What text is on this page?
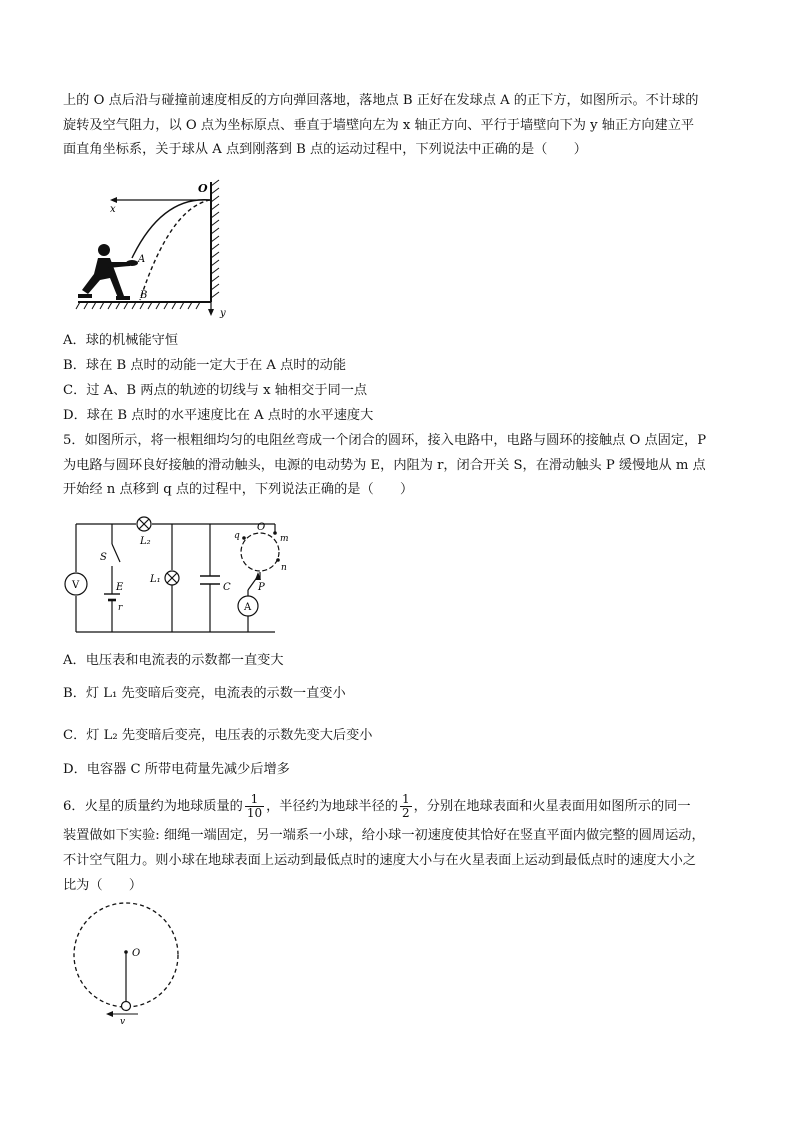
上的 O 点后沿与碰撞前速度相反的方向弹回落地，落地点 B 正好在发球点 A 的正下方，如图所示。不计球的
旋转及空气阻力，以 O 点为坐标原点、垂直于墙壁向左为 x 轴正方向、平行于墙壁向下为 y 轴正方向建立平
面直角坐标系，关于球从 A 点到刚落到 B 点的运动过程中，下列说法中正确的是（　　）
O
x
A
B
y
A．球的机械能守恒
B．球在 B 点时的动能一定大于在 A 点时的动能
C．过 A、B 两点的轨迹的切线与 x 轴相交于同一点
D．球在 B 点时的水平速度比在 A 点时的水平速度大
5．如图所示，将一根粗细均匀的电阻丝弯成一个闭合的圆环，接入电路中，电路与圆环的接触点 O 点固定，P
为电路与圆环良好接触的滑动触头，电源的电动势为 E，内阻为 r，闭合开关 S，在滑动触头 P 缓慢地从 m 点
开始经 n 点移到 q 点的过程中，下列说法正确的是（　　）
L₂
S
V	E
r
L₁
C
q
O
m
n
P
A
A．电压表和电流表的示数都一直变大
B．灯 L₁ 先变暗后变亮，电流表的示数一直变小
C．灯 L₂ 先变暗后变亮，电压表的示数先变大后变小
D．电容器 C 所带电荷量先减少后增多
6．火星的质量约为地球质量的 $\frac{1}{10}$ ，半径约为地球半径的 $\frac{1}{2}$ ，分别在地球表面和火星表面用如图所示的同一
装置做如下实验: 细绳一端固定，另一端系一小球，给小球一初速度使其恰好在竖直平面内做完整的圆周运动，
不计空气阻力。则小球在地球表面上运动到最低点时的速度大小与在火星表面上运动到最低点时的速度大小之
比为（　　）
O
v
